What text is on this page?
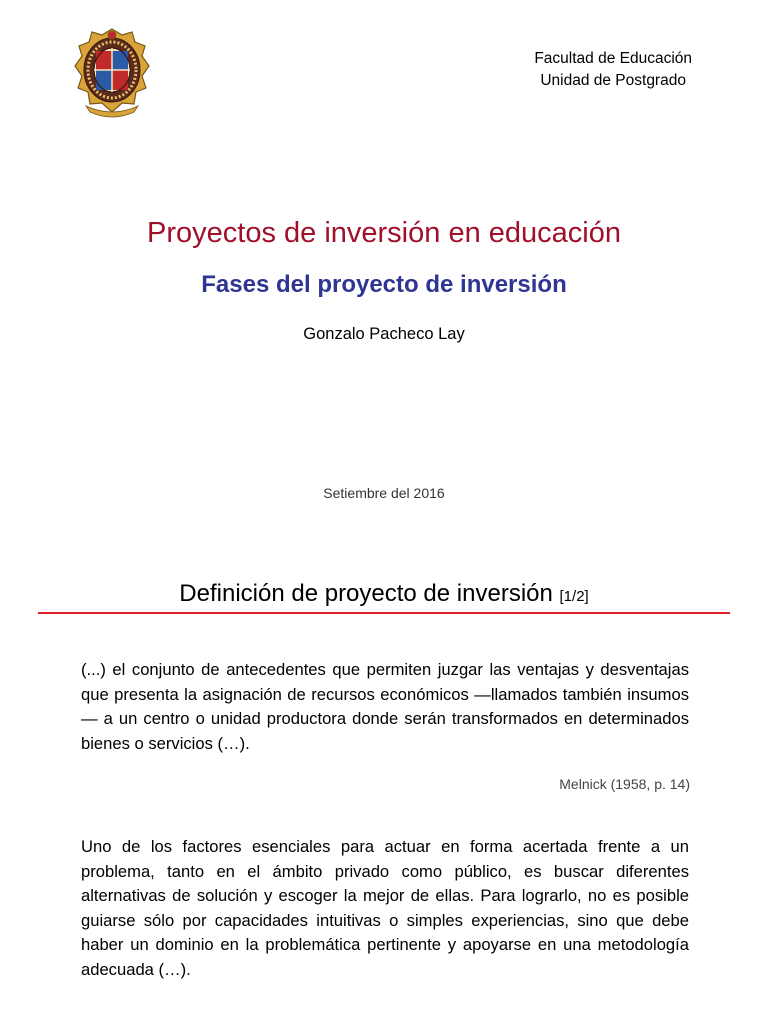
Facultad de Educación
Unidad de Postgrado
Proyectos de inversión en educación
Fases del proyecto de inversión
Gonzalo Pacheco Lay
Setiembre del 2016
Definición de proyecto de inversión [1/2]

(...) el conjunto de antecedentes que permiten juzgar las ventajas y desventajas que presenta la asignación de recursos económicos —llamados también insumos— a un centro o unidad productora donde serán transformados en determinados bienes o servicios (…).

Melnick (1958, p. 14)

Uno de los factores esenciales para actuar en forma acertada frente a un problema, tanto en el ámbito privado como público, es buscar diferentes alternativas de solución y escoger la mejor de ellas. Para lograrlo, no es posible guiarse sólo por capacidades intuitivas o simples experiencias, sino que debe haber un dominio en la problemática pertinente y apoyarse en una metodología adecuada (…).
